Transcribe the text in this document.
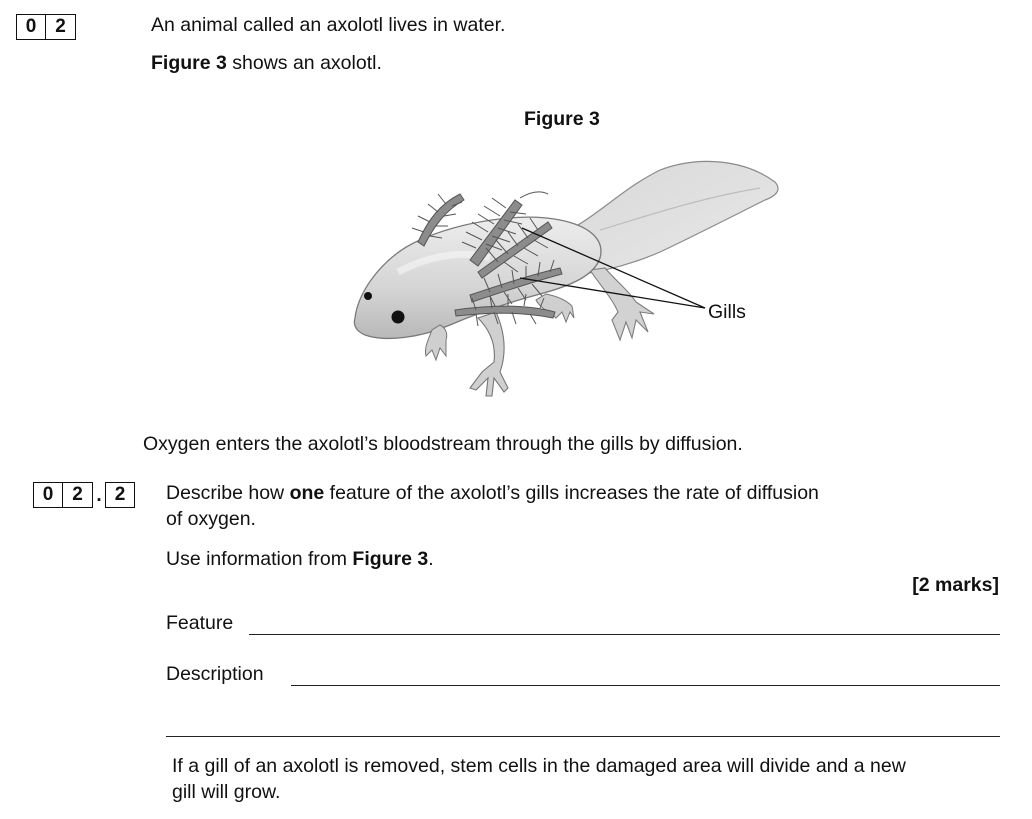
0 2	An animal called an axolotl lives in water.
Figure 3 shows an axolotl.
Figure 3
Gills
Oxygen enters the axolotl’s bloodstream through the gills by diffusion.
0 2 . 2	Describe how one feature of the axolotl’s gills increases the rate of diffusion
of oxygen.
Use information from Figure 3.
[2 marks]
Feature
Description
If a gill of an axolotl is removed, stem cells in the damaged area will divide and a new
gill will grow.
